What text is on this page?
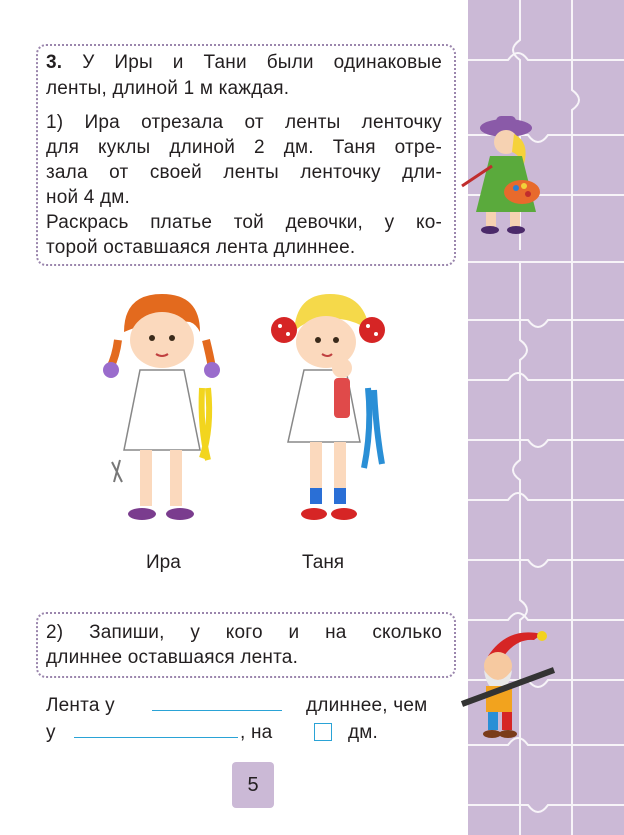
3. У Иры и Тани были одинаковые
ленты, длиной 1 м каждая.
1) Ира отрезала от ленты ленточку
для куклы длиной 2 дм. Таня отре-
зала от своей ленты ленточку дли-
ной 4 дм.
Раскрась платье той девочки, у ко-
торой оставшаяся лента длиннее.
Ира	Таня
2) Запиши, у кого и на сколько
длиннее оставшаяся лента.
Лента у	длиннее, чем
у	, на	дм.
5
